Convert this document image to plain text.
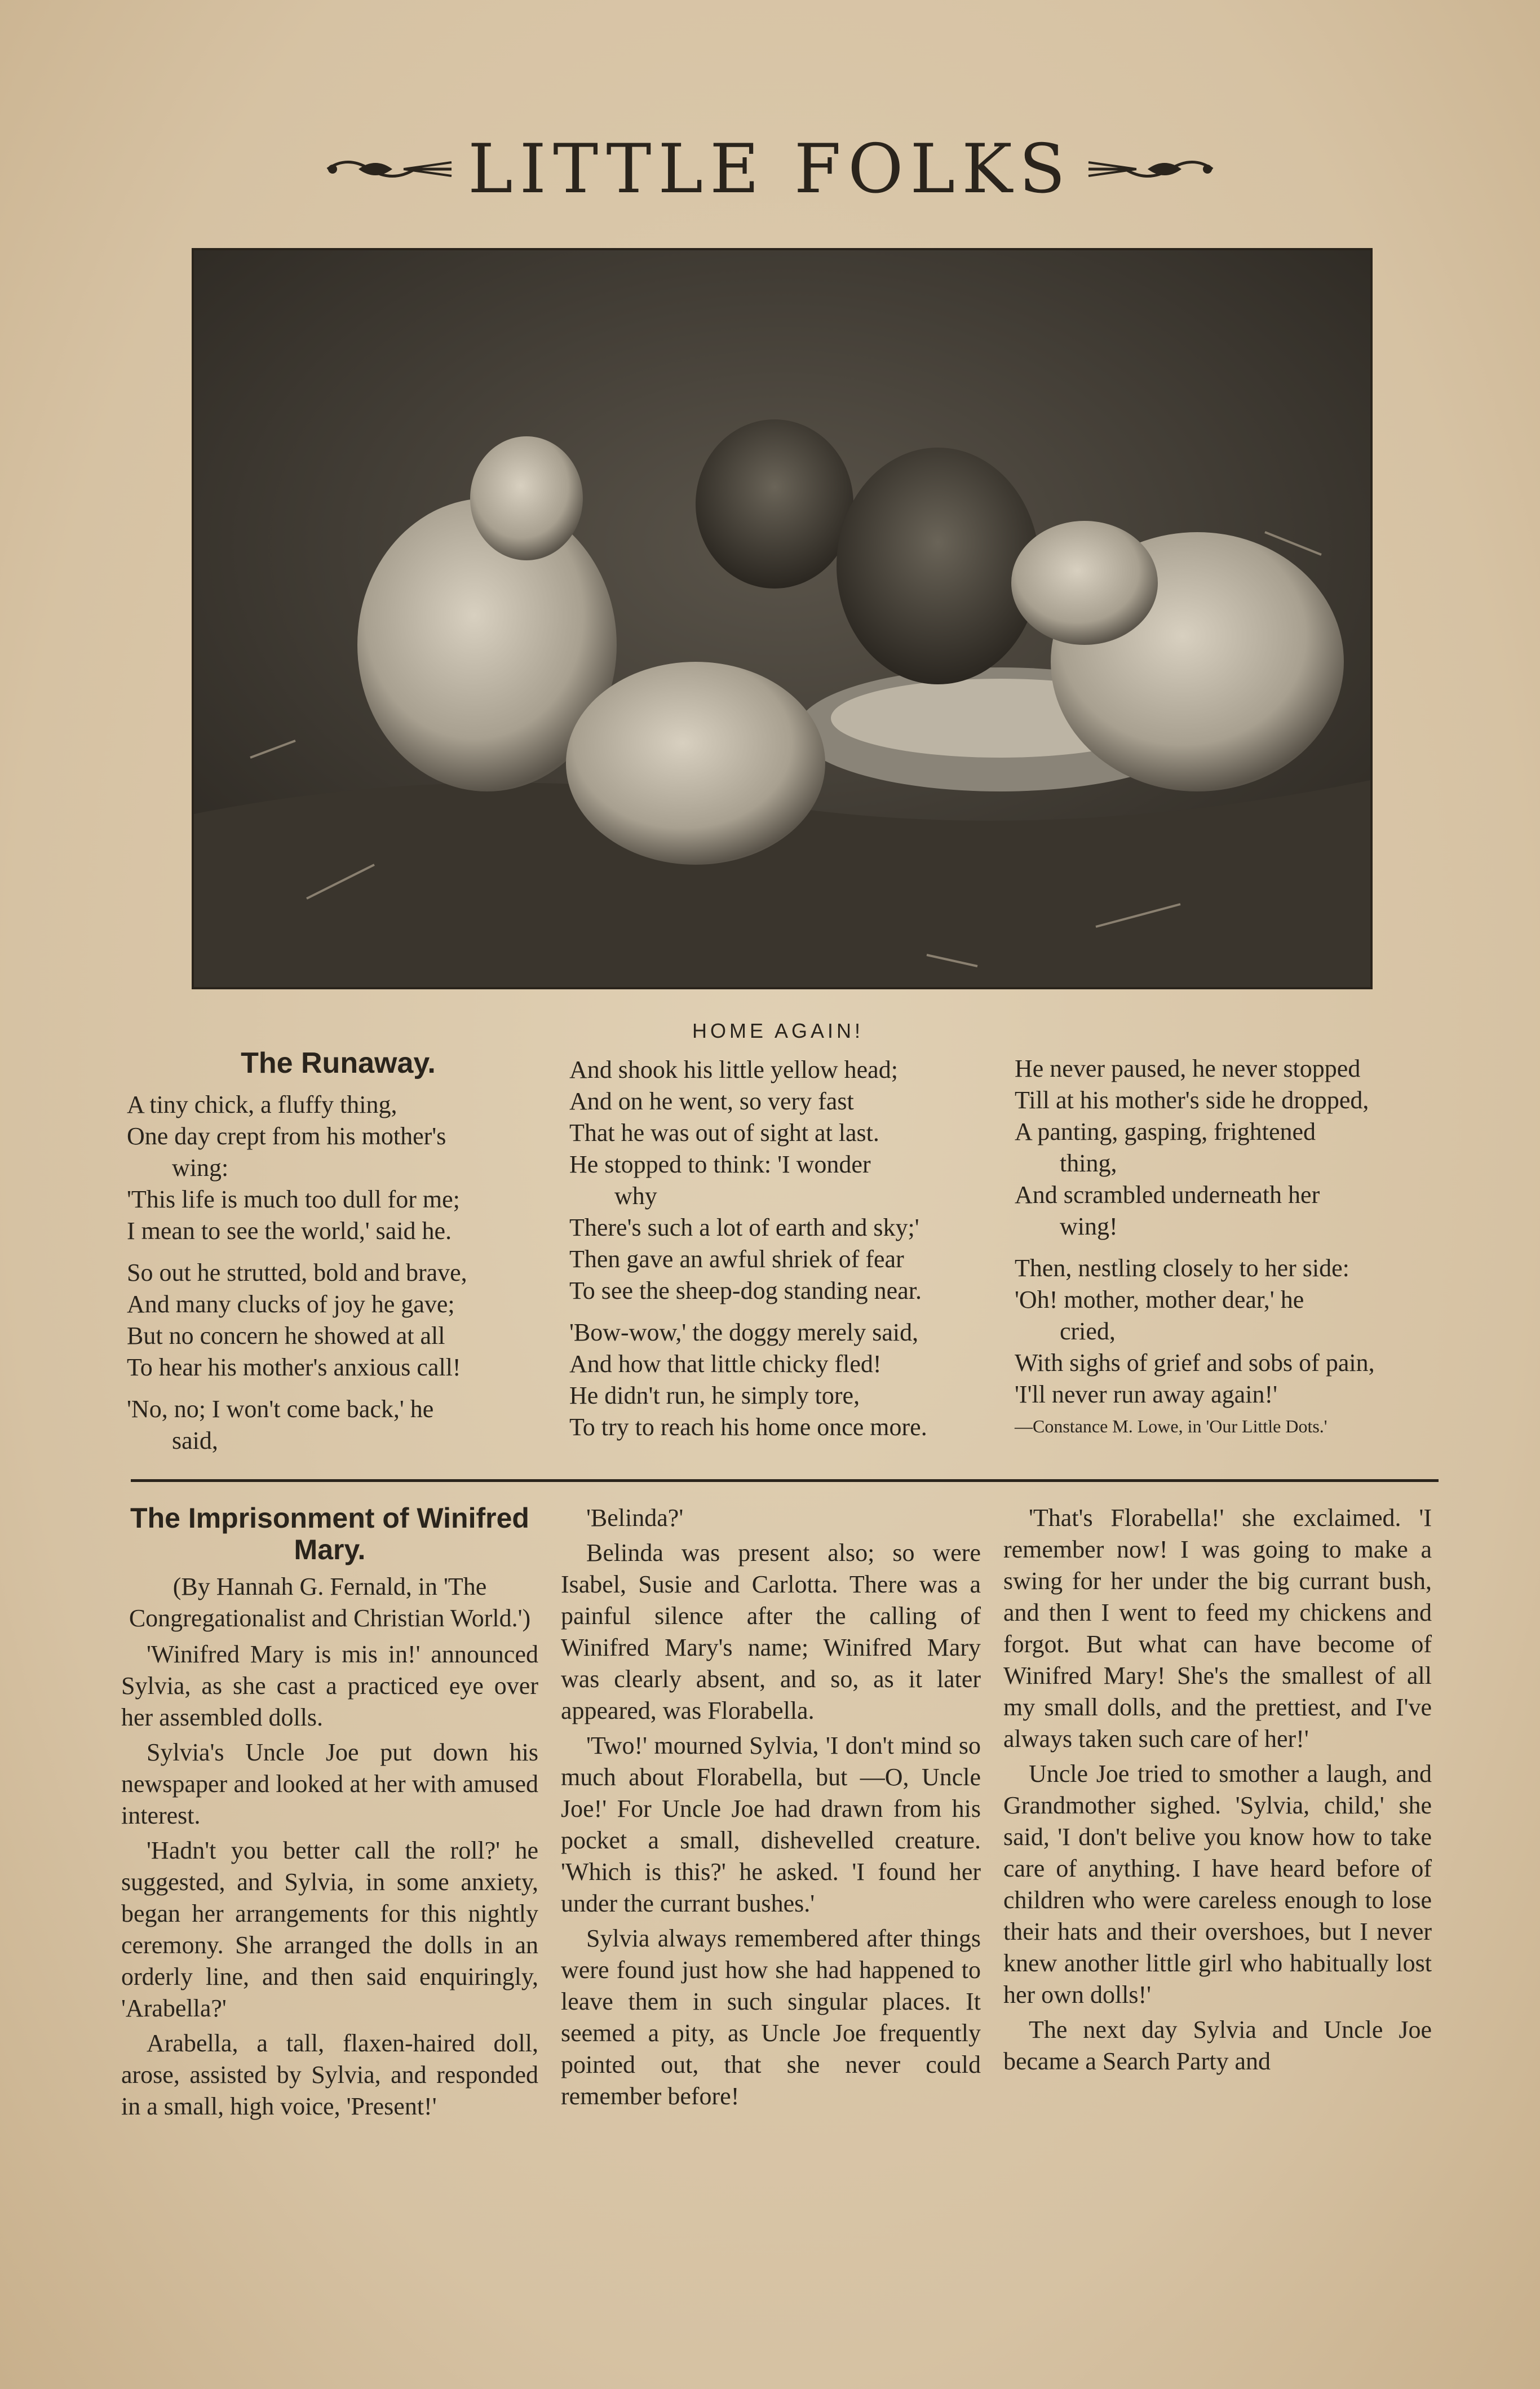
LITTLE FOLKS
HOME AGAIN!
The Runaway.

A tiny chick, a fluffy thing,

One day crept from his mother's

wing:

'This life is much too dull for me;

I mean to see the world,' said he.

So out he strutted, bold and brave,

And many clucks of joy he gave;

But no concern he showed at all

To hear his mother's anxious call!

'No, no; I won't come back,' he

said,

And shook his little yellow head;

And on he went, so very fast

That he was out of sight at last.

He stopped to think: 'I wonder

why

There's such a lot of earth and sky;'

Then gave an awful shriek of fear

To see the sheep-dog standing near.

'Bow-wow,' the doggy merely said,

And how that little chicky fled!

He didn't run, he simply tore,

To try to reach his home once more.

He never paused, he never stopped

Till at his mother's side he dropped,

A panting, gasping, frightened

thing,

And scrambled underneath her

wing!

Then, nestling closely to her side:

'Oh! mother, mother dear,' he

cried,

With sighs of grief and sobs of pain,

'I'll never run away again!'

—Constance M. Lowe, in 'Our Little Dots.'

The Imprisonment of Winifred Mary.
(By Hannah G. Fernald, in 'The Congregationalist and Christian World.')

'Winifred Mary is mis in!' announced Sylvia, as she cast a practiced eye over her assembled dolls.

Sylvia's Uncle Joe put down his newspaper and looked at her with amused interest.

'Hadn't you better call the roll?' he suggested, and Sylvia, in some anxiety, began her arrangements for this nightly ceremony. She arranged the dolls in an orderly line, and then said enquiringly, 'Arabella?'

Arabella, a tall, flaxen-haired doll, arose, assisted by Sylvia, and responded in a small, high voice, 'Present!'

'Belinda?'

Belinda was present also; so were Isabel, Susie and Carlotta. There was a painful silence after the calling of Winifred Mary's name; Winifred Mary was clearly absent, and so, as it later appeared, was Florabella.

'Two!' mourned Sylvia, 'I don't mind so much about Florabella, but —O, Uncle Joe!' For Uncle Joe had drawn from his pocket a small, dishevelled creature. 'Which is this?' he asked. 'I found her under the currant bushes.'

Sylvia always remembered after things were found just how she had happened to leave them in such singular places. It seemed a pity, as Uncle Joe frequently pointed out, that she never could remember before!

'That's Florabella!' she exclaimed. 'I remember now! I was going to make a swing for her under the big currant bush, and then I went to feed my chickens and forgot. But what can have become of Winifred Mary! She's the smallest of all my small dolls, and the prettiest, and I've always taken such care of her!'

Uncle Joe tried to smother a laugh, and Grandmother sighed. 'Sylvia, child,' she said, 'I don't belive you know how to take care of anything. I have heard before of children who were careless enough to lose their hats and their overshoes, but I never knew another little girl who habitually lost her own dolls!'

The next day Sylvia and Uncle Joe became a Search Party and
